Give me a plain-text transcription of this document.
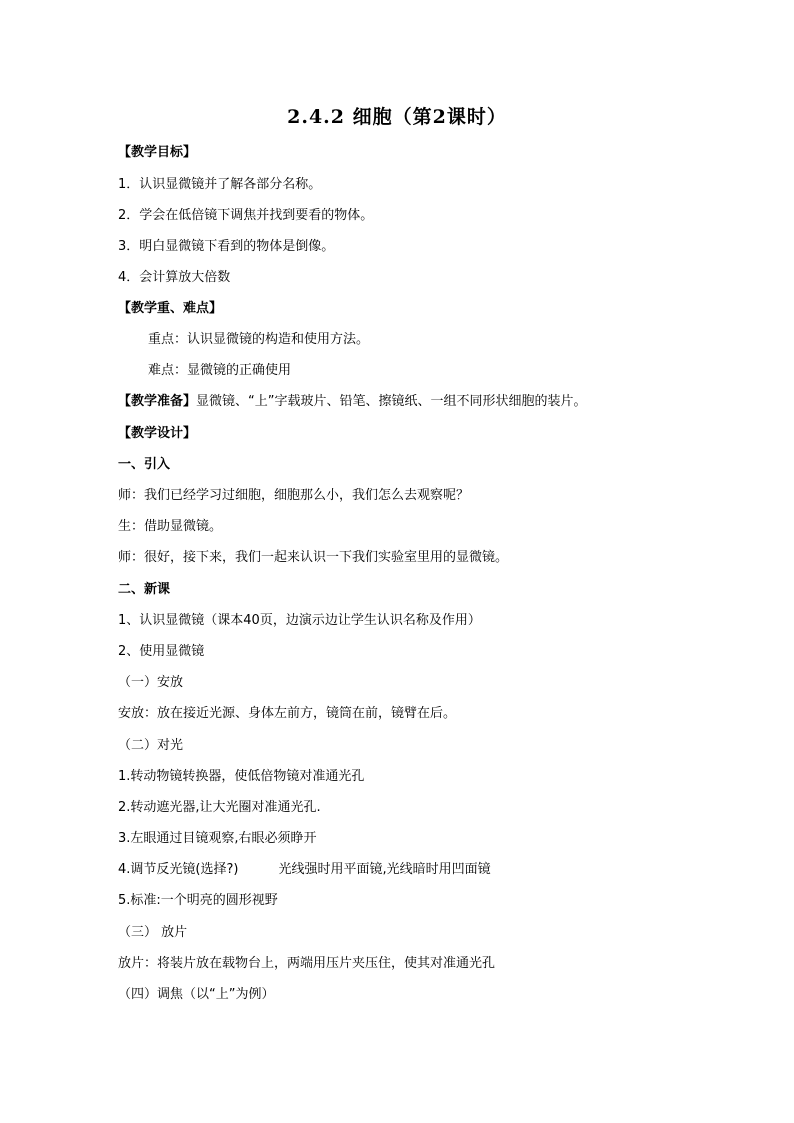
2.4.2 细胞（第2课时）
【教学目标】
1．认识显微镜并了解各部分名称。
2．学会在低倍镜下调焦并找到要看的物体。
3．明白显微镜下看到的物体是倒像。
4．会计算放大倍数
【教学重、难点】
重点：认识显微镜的构造和使用方法。
难点：显微镜的正确使用
【教学准备】显微镜、“上”字载玻片、铅笔、擦镜纸、一组不同形状细胞的装片。
【教学设计】
一、引入
师：我们已经学习过细胞，细胞那么小，我们怎么去观察呢？
生：借助显微镜。
师：很好，接下来，我们一起来认识一下我们实验室里用的显微镜。
二、新课
1、认识显微镜（课本40页，边演示边让学生认识名称及作用）
2、使用显微镜
（一）安放
安放：放在接近光源、身体左前方，镜筒在前，镜臂在后。
（二）对光
1.转动物镜转换器，使低倍物镜对准通光孔
2.转动遮光器,让大光圈对准通光孔.
3.左眼通过目镜观察,右眼必须睁开
4.调节反光镜(选择?)	光线强时用平面镜,光线暗时用凹面镜
5.标准:一个明亮的圆形视野
（三） 放片
放片：将装片放在载物台上，两端用压片夹压住，使其对准通光孔
（四）调焦（以“上”为例）
